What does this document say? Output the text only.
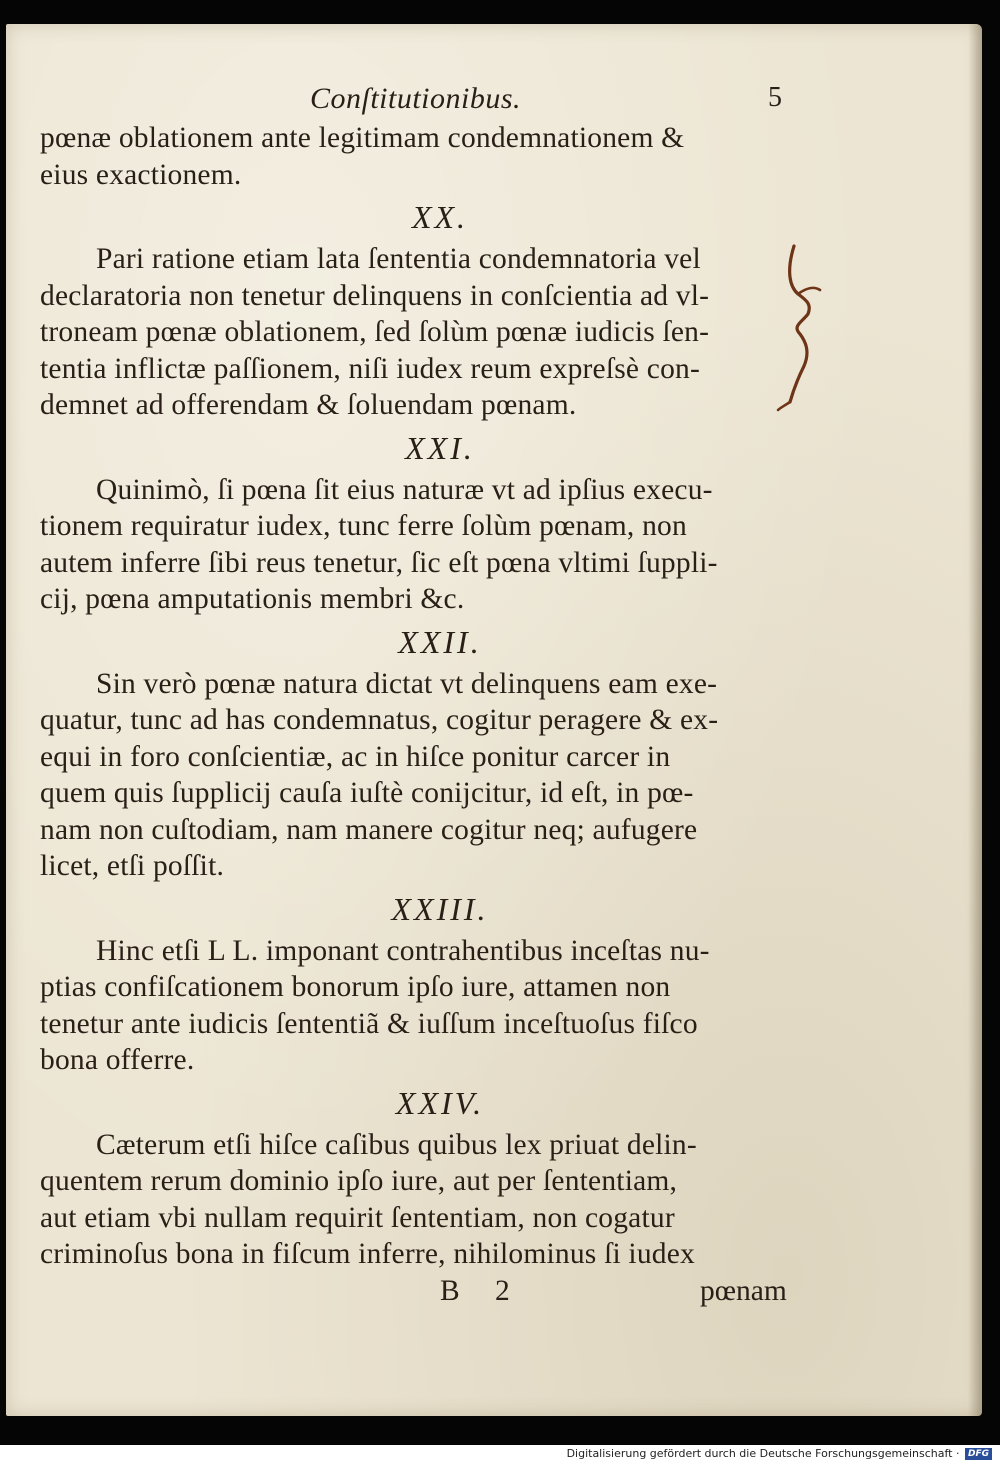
Conſtitutionibus.	5
pœnæ oblationem ante legitimam condemnationem &
eius exactionem.
XX.
Pari ratione etiam lata ſententia condemnatoria vel
declaratoria non tenetur delinquens in conſcientia ad vl-
troneam pœnæ oblationem, ſed ſolùm pœnæ iudicis ſen-
tentia inflictæ paſſionem, niſi iudex reum expreſsè con-
demnet ad offerendam & ſoluendam pœnam.
XXI.
Quinimò, ſi pœna ſit eius naturæ vt ad ipſius execu-
tionem requiratur iudex, tunc ferre ſolùm pœnam, non
autem inferre ſibi reus tenetur, ſic eſt pœna vltimi ſuppli-
cij, pœna amputationis membri &c.
XXII.
Sin verò pœnæ natura dictat vt delinquens eam exe-
quatur, tunc ad has condemnatus, cogitur peragere & ex-
equi in foro conſcientiæ, ac in hiſce ponitur carcer in
quem quis ſupplicij cauſa iuſtè conijcitur, id eſt, in pœ-
nam non cuſtodiam, nam manere cogitur neq; aufugere
licet, etſi poſſit.
XXIII.
Hinc etſi L L. imponant contrahentibus inceſtas nu-
ptias confiſcationem bonorum ipſo iure, attamen non
tenetur ante iudicis ſententiã & iuſſum inceſtuoſus fiſco
bona offerre.
XXIV.
Cæterum etſi hiſce caſibus quibus lex priuat delin-
quentem rerum dominio ipſo iure, aut per ſententiam,
aut etiam vbi nullam requirit ſententiam, non cogatur
criminoſus bona in fiſcum inferre, nihilominus ſi iudex
B 2	pœnam
Digitalisierung gefördert durch die Deutsche Forschungsgemeinschaft · DFG
